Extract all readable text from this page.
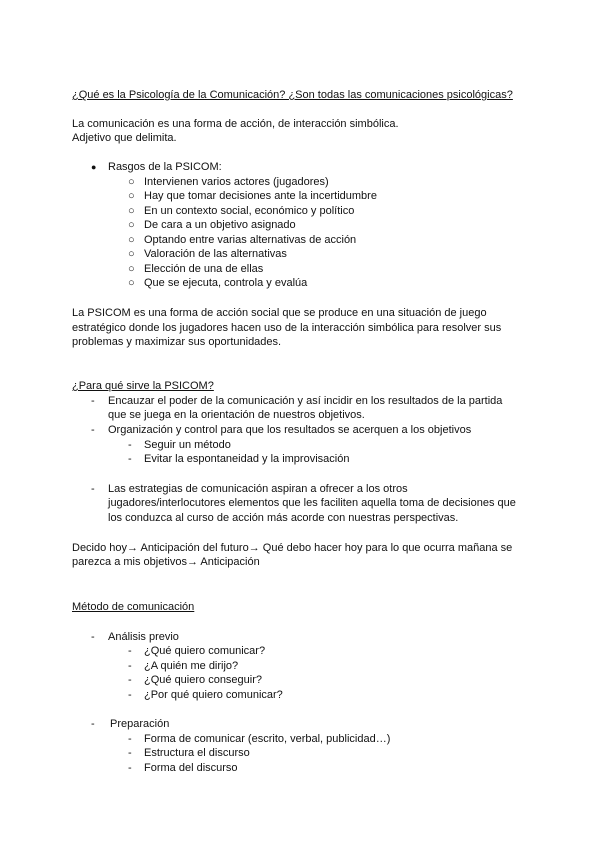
¿Qué es la Psicología de la Comunicación? ¿Son todas las comunicaciones psicológicas?
La comunicación es una forma de acción, de interacción simbólica.
Adjetivo que delimita.
● Rasgos de la PSICOM:
○ Intervienen varios actores (jugadores)
○ Hay que tomar decisiones ante la incertidumbre
○ En un contexto social, económico y político
○ De cara a un objetivo asignado
○ Optando entre varias alternativas de acción
○ Valoración de las alternativas
○ Elección de una de ellas
○ Que se ejecuta, controla y evalúa
La PSICOM es una forma de acción social que se produce en una situación de juego
estratégico donde los jugadores hacen uso de la interacción simbólica para resolver sus
problemas y maximizar sus oportunidades.
¿Para qué sirve la PSICOM?
- Encauzar el poder de la comunicación y así incidir en los resultados de la partida
que se juega en la orientación de nuestros objetivos.
- Organización y control para que los resultados se acerquen a los objetivos
- Seguir un método
- Evitar la espontaneidad y la improvisación
- Las estrategias de comunicación aspiran a ofrecer a los otros
jugadores/interlocutores elementos que les faciliten aquella toma de decisiones que
los conduzca al curso de acción más acorde con nuestras perspectivas.
Decido hoy→ Anticipación del futuro→ Qué debo hacer hoy para lo que ocurra mañana se
parezca a mis objetivos→ Anticipación
Método de comunicación
- Análisis previo
- ¿Qué quiero comunicar?
- ¿A quién me dirijo?
- ¿Qué quiero conseguir?
- ¿Por qué quiero comunicar?
- Preparación
- Forma de comunicar (escrito, verbal, publicidad…)
- Estructura el discurso
- Forma del discurso
